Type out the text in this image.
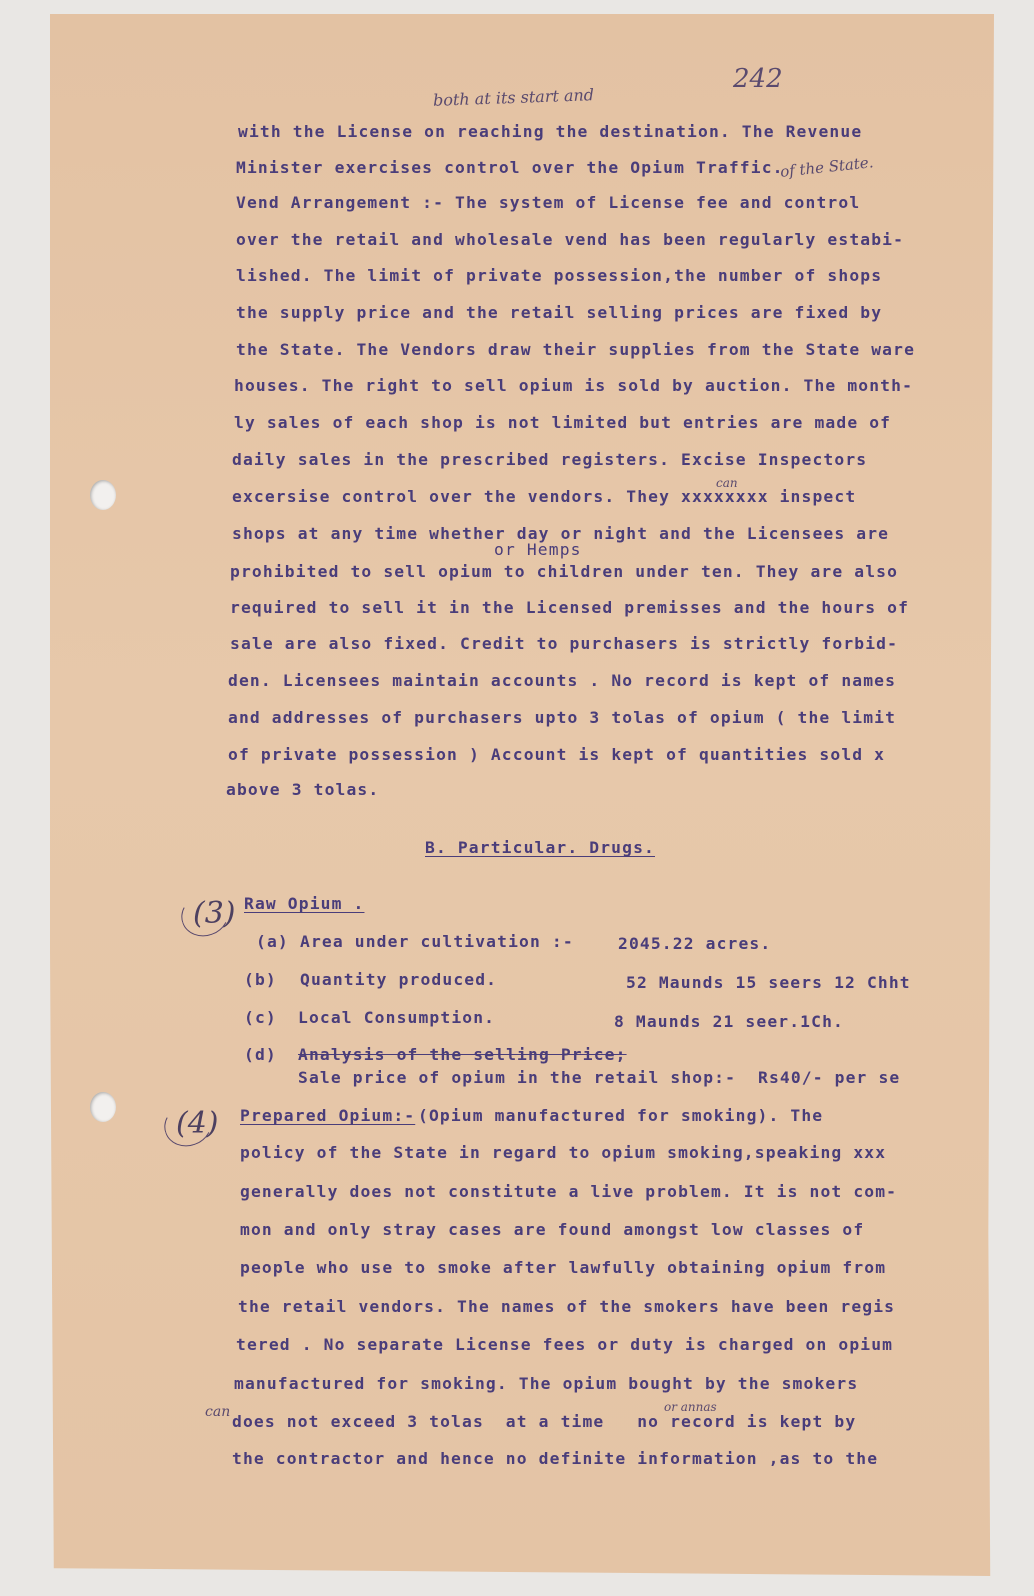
242
both at its start and
of the State.
can
can	or annas
or Hemps
with the License on reaching the destination. The Revenue
Minister exercises control over the Opium Traffic.
Vend Arrangement :- The system of License fee and control
over the retail and wholesale vend has been regularly estabi-
lished. The limit of private possession,the number of shops
the supply price and the retail selling prices are fixed by
the State. The Vendors draw their supplies from the State ware
houses. The right to sell opium is sold by auction. The month-
ly sales of each shop is not limited but entries are made of
daily sales in the prescribed registers. Excise Inspectors
excersise control over the vendors. They xxxxxxxx inspect
shops at any time whether day or night and the Licensees are
prohibited to sell opium to children under ten. They are also
required to sell it in the Licensed premisses and the hours of
sale are also fixed. Credit to purchasers is strictly forbid-
den. Licensees maintain accounts . No record is kept of names
and addresses of purchasers upto 3 tolas of opium ( the limit
of private possession ) Account is kept of quantities sold x
above 3 tolas.
B. Particular. Drugs.
(3) Raw Opium .
(a) Area under cultivation :-	2045.22 acres.
(b) Quantity produced.	52 Maunds 15 seers 12 Chht
(c) Local Consumption.	8 Maunds 21 seer.1Ch.
(d) Analysis of the selling Price;
Sale price of opium in the retail shop:-  Rs40/- per se
(4) Prepared Opium:- (Opium manufactured for smoking). The
policy of the State in regard to opium smoking,speaking xxx
generally does not constitute a live problem. It is not com-
mon and only stray cases are found amongst low classes of
people who use to smoke after lawfully obtaining opium from
the retail vendors. The names of the smokers have been regis
tered . No separate License fees or duty is charged on opium
manufactured for smoking. The opium bought by the smokers
does not exceed 3 tolas  at a time   no record is kept by
the contractor and hence no definite information ,as to the
